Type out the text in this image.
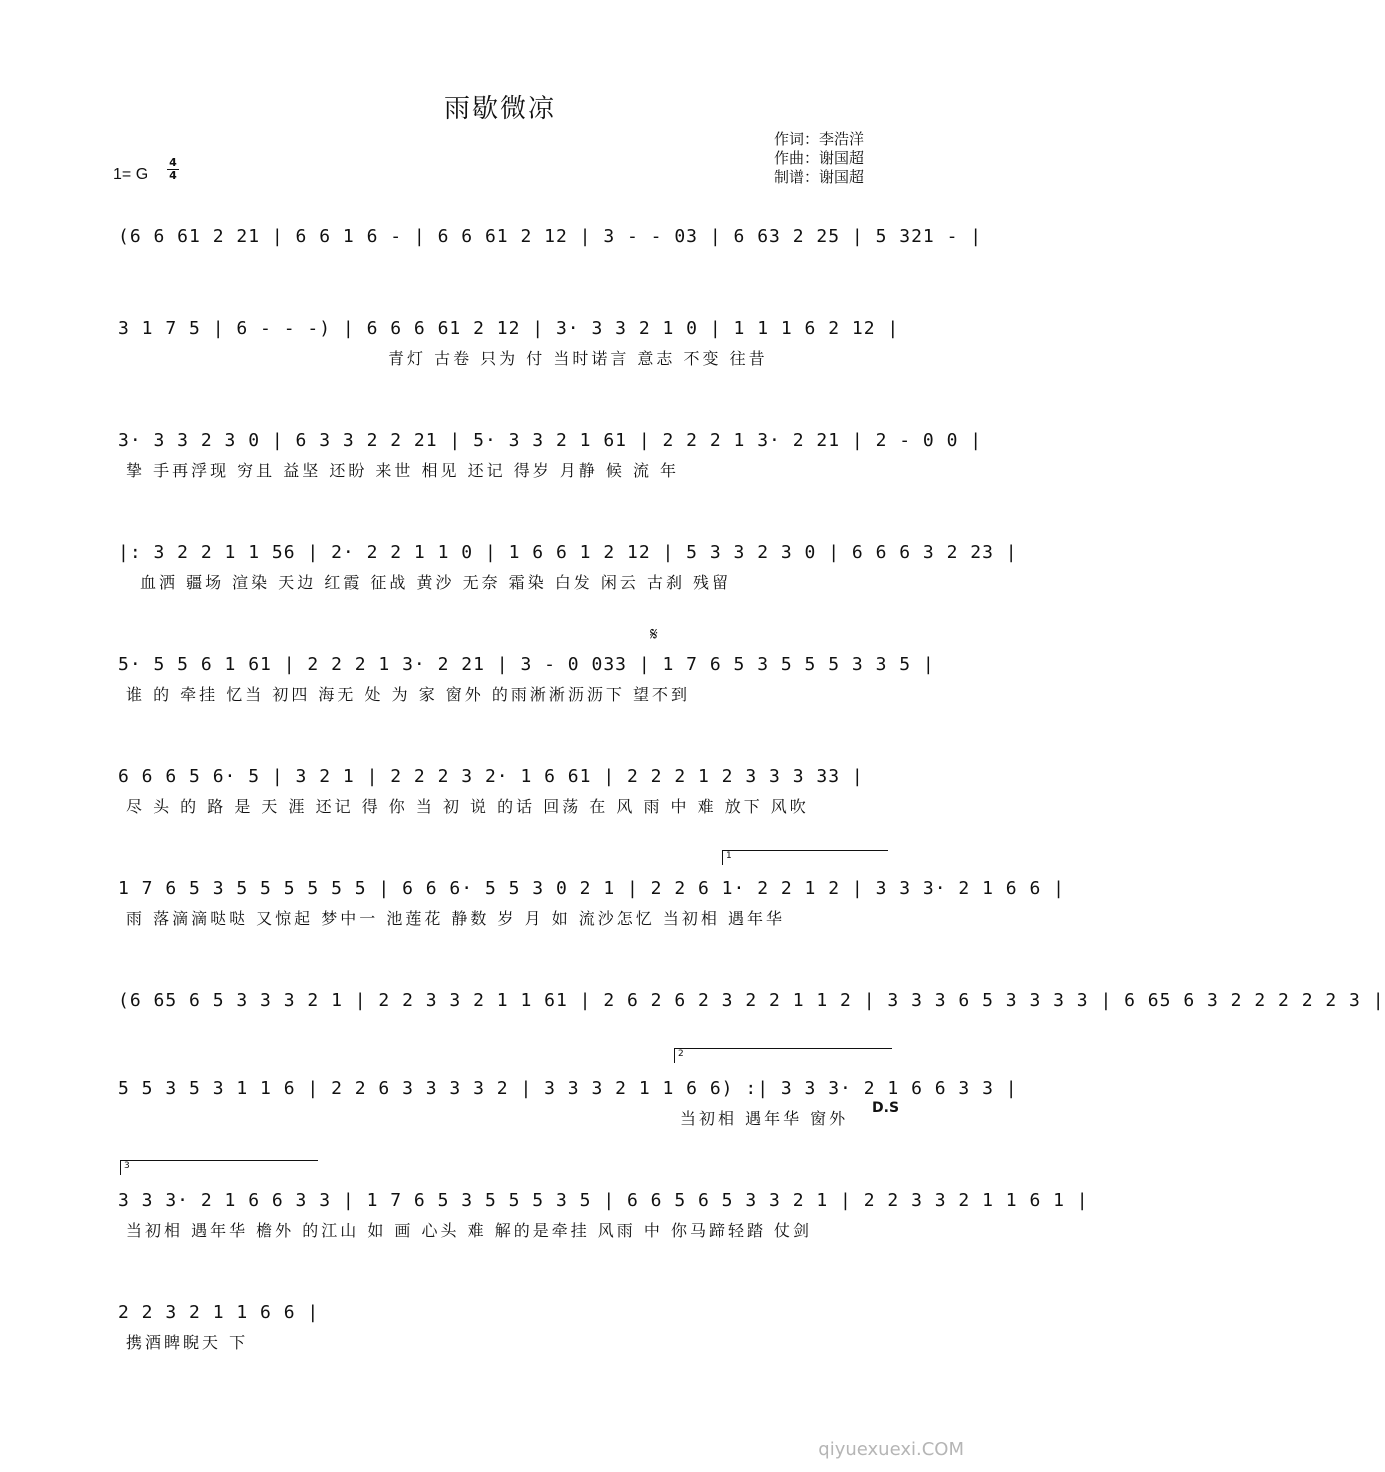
雨歇微凉
作词：李浩洋
作曲：谢国超
制谱：谢国超
1= G
4
4
(6 6 61 2 21 | 6 6 1 6 - | 6 6 61 2 12 | 3 - - 03 | 6 63 2 25 | 5 321 - |
3 1 7 5 | 6 - - -) | 6 6 6 61 2 12 | 3· 3 3 2 1 0 | 1 1 1 6 2 12 |
青灯 古卷 只为 付 当时诺言 意志 不变 往昔
3· 3 3 2 3 0 | 6 3 3 2 2 21 | 5· 3 3 2 1 61 | 2 2 2 1 3· 2 21 | 2 - 0 0 |
挚 手再浮现 穷且 益坚 还盼 来世 相见 还记 得岁 月静 候 流 年
|: 3 2 2 1 1 56 | 2· 2 2 1 1 0 | 1 6 6 1 2 12 | 5 3 3 2 3 0 | 6 6 6 3 2 23 |
血洒 疆场 渲染 天边 红霞 征战 黄沙 无奈 霜染 白发 闲云 古刹 残留
𝄋
5· 5 5 6 1 61 | 2 2 2 1 3· 2 21 | 3 - 0 033 | 1 7 6 5 3 5 5 5 3 3 5 |
谁 的 牵挂 忆当 初四 海无 处 为 家 窗外 的雨淅淅沥沥下 望不到
6 6 6 5 6· 5 | 3 2 1 | 2 2 2 3 2· 1 6 61 | 2 2 2 1 2 3 3 3 33 |
尽 头 的 路 是 天 涯 还记 得 你 当 初 说 的话 回荡 在 风 雨 中 难 放下 风吹
1
1 7 6 5 3 5 5 5 5 5 5 | 6 6 6· 5 5 3 0 2 1 | 2 2 6 1· 2 2 1 2 | 3 3 3· 2 1 6 6 |
雨 落滴滴哒哒 又惊起 梦中一 池莲花 静数 岁 月 如 流沙怎忆 当初相 遇年华
(6 65 6 5 3 3 3 2 1 | 2 2 3 3 2 1 1 61 | 2 6 2 6 2 3 2 2 1 1 2 | 3 3 3 6 5 3 3 3 3 | 6 65 6 3 2 2 2 2 2 3 |
2
5 5 3 5 3 1 1 6 | 2 2 6 3 3 3 3 2 | 3 3 3 2 1 1 6 6) :| 3 3 3· 2 1 6 6 3 3 |
当初相 遇年华 窗外
D.S
3
3 3 3· 2 1 6 6 3 3 | 1 7 6 5 3 5 5 5 3 5 | 6 6 5 6 5 3 3 2 1 | 2 2 3 3 2 1 1 6 1 |
当初相 遇年华 檐外 的江山 如 画 心头 难 解的是牵挂 风雨 中 你马蹄轻踏 仗剑
2 2 3 2 1 1 6 6 |
携酒睥睨天 下
qiyuexuexi.COM
